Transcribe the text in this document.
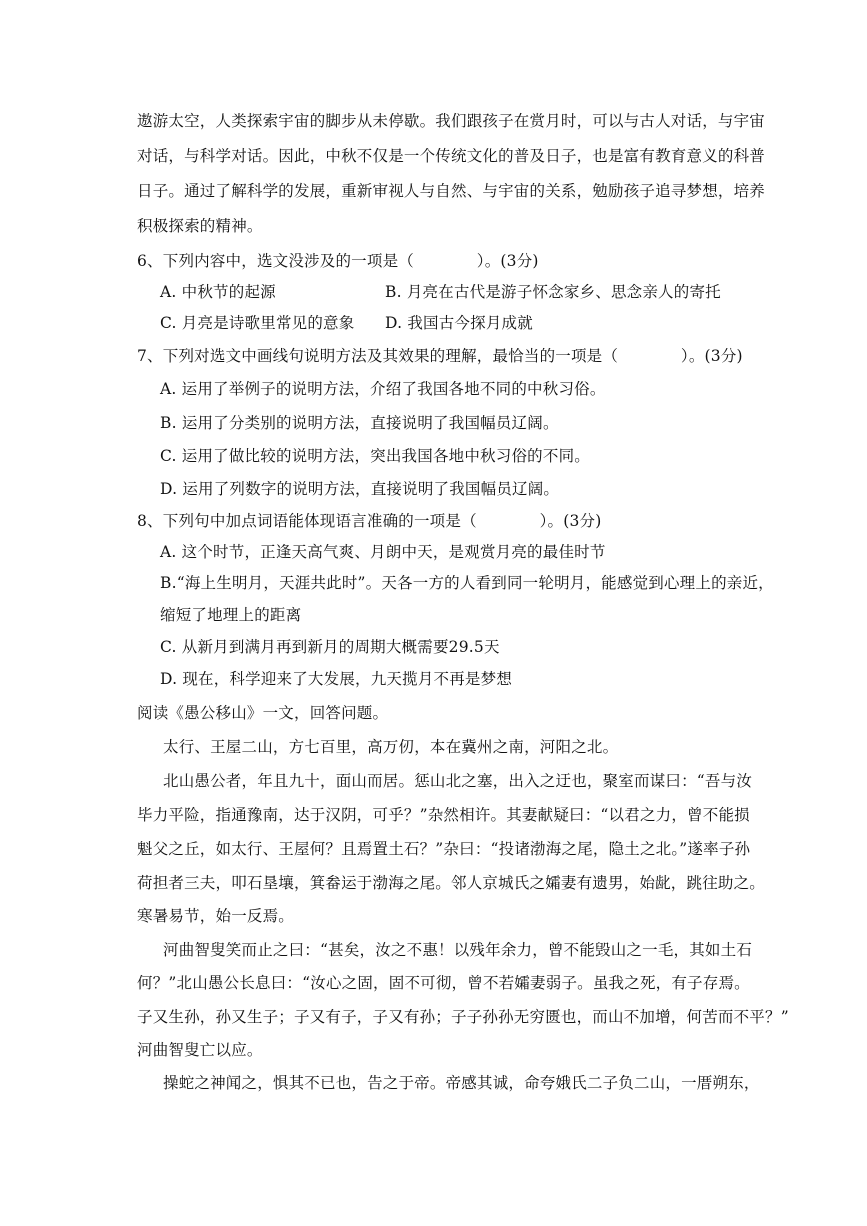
遨游太空，人类探索宇宙的脚步从未停歇。我们跟孩子在赏月时，可以与古人对话，与宇宙
对话，与科学对话。因此，中秋不仅是一个传统文化的普及日子，也是富有教育意义的科普
日子。通过了解科学的发展，重新审视人与自然、与宇宙的关系，勉励孩子追寻梦想，培养
积极探索的精神。
6、下列内容中，选文没涉及的一项是（　　　　）。(3分)
A. 中秋节的起源	B. 月亮在古代是游子怀念家乡、思念亲人的寄托
C. 月亮是诗歌里常见的意象 D. 我国古今探月成就
7、下列对选文中画线句说明方法及其效果的理解，最恰当的一项是（　　　　）。(3分)
A. 运用了举例子的说明方法，介绍了我国各地不同的中秋习俗。
B. 运用了分类别的说明方法，直接说明了我国幅员辽阔。
C. 运用了做比较的说明方法，突出我国各地中秋习俗的不同。
D. 运用了列数字的说明方法，直接说明了我国幅员辽阔。
8、下列句中加点词语能体现语言准确的一项是（　　　　）。(3分)
A. 这个时节，正逢天高气爽、月朗中天，是观赏月亮的最佳时节
B.“海上生明月，天涯共此时”。天各一方的人看到同一轮明月，能感觉到心理上的亲近，
缩短了地理上的距离
C. 从新月到满月再到新月的周期大概需要29.5天
D. 现在，科学迎来了大发展，九天揽月不再是梦想
阅读《愚公移山》一文，回答问题。
太行、王屋二山，方七百里，高万仞，本在冀州之南，河阳之北。
北山愚公者，年且九十，面山而居。惩山北之塞，出入之迂也，聚室而谋曰：“吾与汝
毕力平险，指通豫南，达于汉阴，可乎？”杂然相许。其妻献疑曰：“以君之力，曾不能损
魁父之丘，如太行、王屋何？且焉置土石？”杂曰：“投诸渤海之尾，隐土之北。”遂率子孙
荷担者三夫，叩石垦壤，箕畚运于渤海之尾。邻人京城氏之孀妻有遗男，始龀，跳往助之。
寒暑易节，始一反焉。
河曲智叟笑而止之曰：“甚矣，汝之不惠！以残年余力，曾不能毁山之一毛，其如土石
何？”北山愚公长息曰：“汝心之固，固不可彻，曾不若孀妻弱子。虽我之死，有子存焉。
子又生孙，孙又生子；子又有子，子又有孙；子子孙孙无穷匮也，而山不加增，何苦而不平？”
河曲智叟亡以应。
操蛇之神闻之，惧其不已也，告之于帝。帝感其诚，命夸娥氏二子负二山，一厝朔东，
